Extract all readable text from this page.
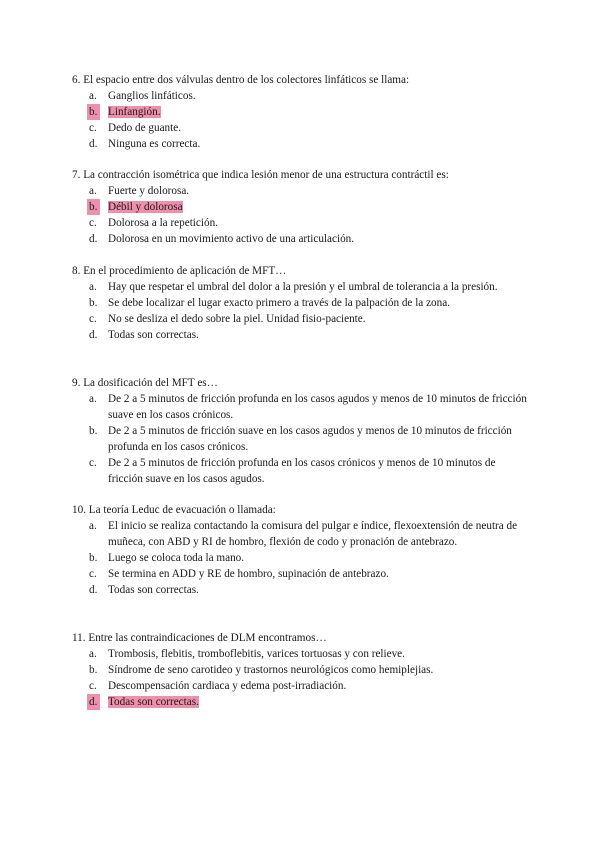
6. El espacio entre dos válvulas dentro de los colectores linfáticos se llama:
a. Ganglios linfáticos.
b. Linfangión.
c. Dedo de guante.
d. Ninguna es correcta.
7. La contracción isométrica que indica lesión menor de una estructura contráctil es:
a. Fuerte y dolorosa.
b. Débil y dolorosa
c. Dolorosa a la repetición.
d. Dolorosa en un movimiento activo de una articulación.
8. En el procedimiento de aplicación de MFT…
a. Hay que respetar el umbral del dolor a la presión y el umbral de tolerancia a la presión.
b. Se debe localizar el lugar exacto primero a través de la palpación de la zona.
c. No se desliza el dedo sobre la piel. Unidad fisio-paciente.
d. Todas son correctas.
9. La dosificación del MFT es…
a. De 2 a 5 minutos de fricción profunda en los casos agudos y menos de 10 minutos de fricción suave en los casos crónicos.
b. De 2 a 5 minutos de fricción suave en los casos agudos y menos de 10 minutos de fricción profunda en los casos crónicos.
c. De 2 a 5 minutos de fricción profunda en los casos crónicos y menos de 10 minutos de fricción suave en los casos agudos.
10. La teoría Leduc de evacuación o llamada:
a. El inicio se realiza contactando la comisura del pulgar e índice, flexoextensión de neutra de muñeca, con ABD y RI de hombro, flexión de codo y pronación de antebrazo.
b. Luego se coloca toda la mano.
c. Se termina en ADD y RE de hombro, supinación de antebrazo.
d. Todas son correctas.
11. Entre las contraindicaciones de DLM encontramos…
a. Trombosis, flebitis, tromboflebitis, varices tortuosas y con relieve.
b. Síndrome de seno carotideo y trastornos neurológicos como hemiplejias.
c. Descompensación cardiaca y edema post-irradiación.
d. Todas son correctas.
